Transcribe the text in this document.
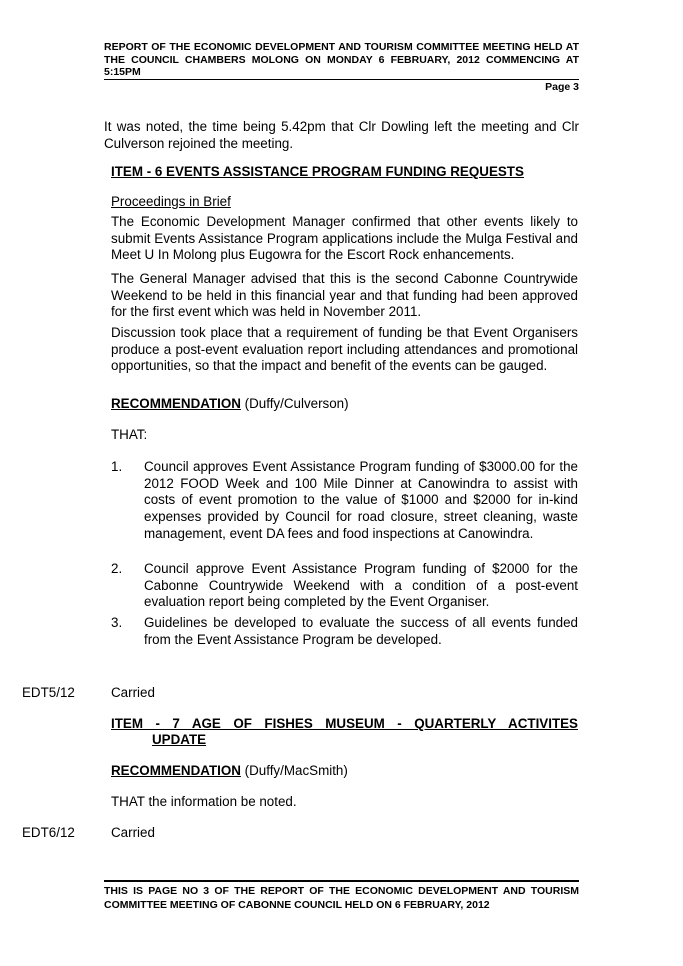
REPORT OF THE ECONOMIC DEVELOPMENT AND TOURISM COMMITTEE MEETING HELD AT THE COUNCIL CHAMBERS MOLONG ON MONDAY 6 FEBRUARY, 2012 COMMENCING AT 5:15PM
Page 3
It was noted, the time being 5.42pm that Clr Dowling left the meeting and Clr Culverson rejoined the meeting.
ITEM - 6 EVENTS ASSISTANCE PROGRAM FUNDING REQUESTS
Proceedings in Brief
The Economic Development Manager confirmed that other events likely to submit Events Assistance Program applications include the Mulga Festival and Meet U In Molong plus Eugowra for the Escort Rock enhancements.
The General Manager advised that this is the second Cabonne Countrywide Weekend to be held in this financial year and that funding had been approved for the first event which was held in November 2011.
Discussion took place that a requirement of funding be that Event Organisers produce a post-event evaluation report including attendances and promotional opportunities, so that the impact and benefit of the events can be gauged.
RECOMMENDATION (Duffy/Culverson)
THAT:
1. Council approves Event Assistance Program funding of $3000.00 for the 2012 FOOD Week and 100 Mile Dinner at Canowindra to assist with costs of event promotion to the value of $1000 and $2000 for in-kind expenses provided by Council for road closure, street cleaning, waste management, event DA fees and food inspections at Canowindra.
2. Council approve Event Assistance Program funding of $2000 for the Cabonne Countrywide Weekend with a condition of a post-event evaluation report being completed by the Event Organiser.
3. Guidelines be developed to evaluate the success of all events funded from the Event Assistance Program be developed.
EDT5/12	Carried
ITEM - 7 AGE OF FISHES MUSEUM - QUARTERLY ACTIVITES
UPDATE
RECOMMENDATION (Duffy/MacSmith)
THAT the information be noted.
EDT6/12	Carried
THIS IS PAGE NO 3 OF THE REPORT OF THE ECONOMIC DEVELOPMENT AND TOURISM COMMITTEE MEETING OF CABONNE COUNCIL HELD ON 6 FEBRUARY, 2012
